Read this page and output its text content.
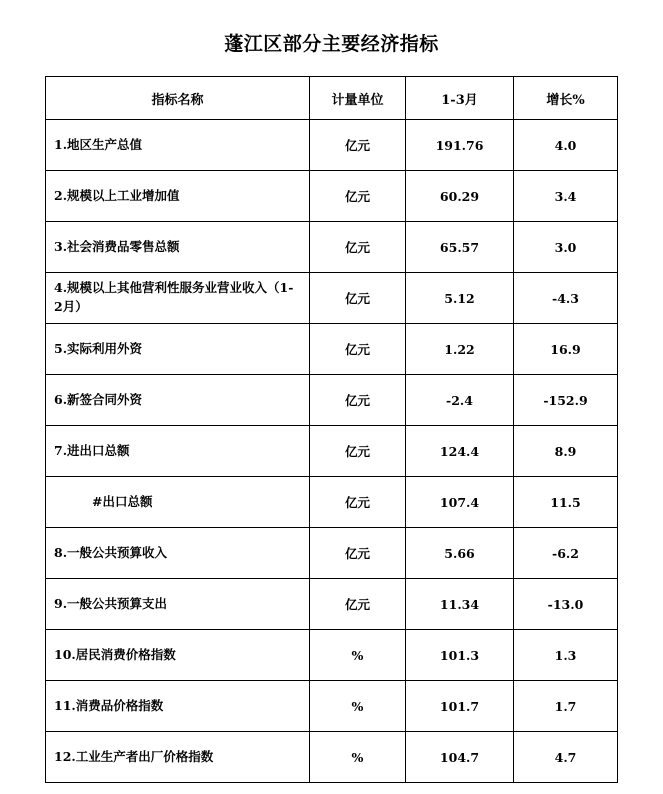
蓬江区部分主要经济指标
指标名称	计量单位	1-3月	增长%
1.地区生产总值	亿元	191.76	4.0
2.规模以上工业增加值	亿元	60.29	3.4
3.社会消费品零售总额	亿元	65.57	3.0
4.规模以上其他营利性服务业营业收入（1-2月）	亿元	5.12	-4.3
5.实际利用外资	亿元	1.22	16.9
6.新签合同外资	亿元	-2.4	-152.9
7.进出口总额	亿元	124.4	8.9
#出口总额	亿元	107.4	11.5
8.一般公共预算收入	亿元	5.66	-6.2
9.一般公共预算支出	亿元	11.34	-13.0
10.居民消费价格指数	%	101.3	1.3
11.消费品价格指数	%	101.7	1.7
12.工业生产者出厂价格指数	%	104.7	4.7
